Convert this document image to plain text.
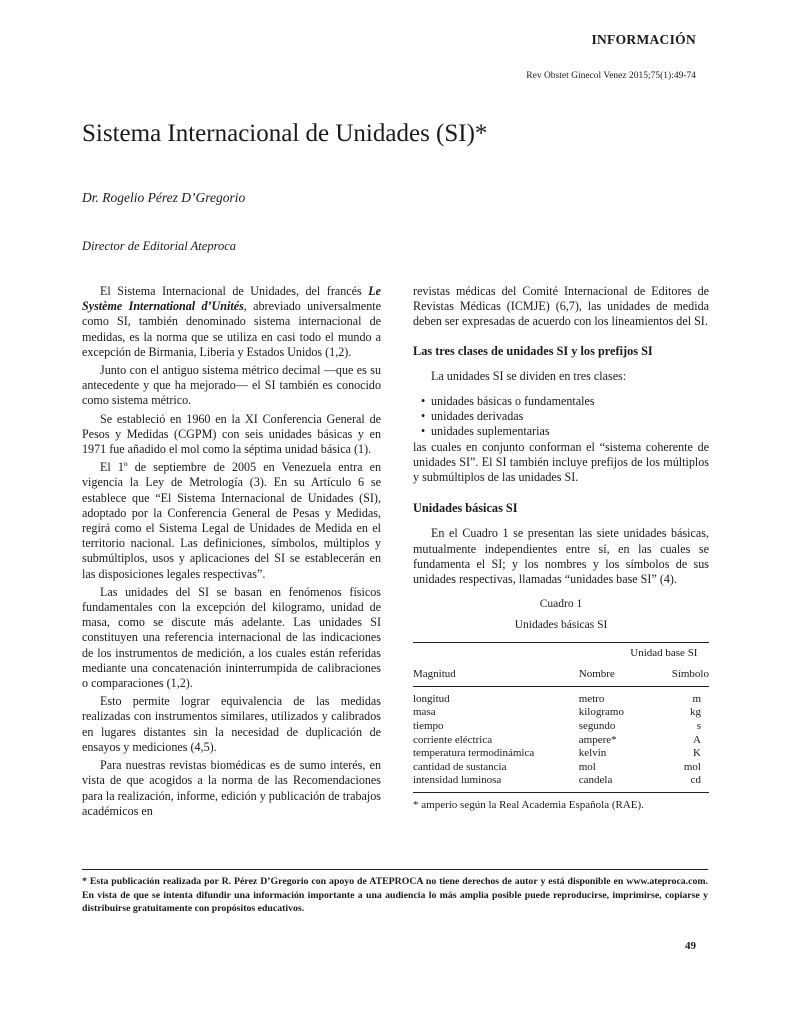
INFORMACIÓN
Rev Obstet Ginecol Venez 2015;75(1):49-74
Sistema Internacional de Unidades (SI)*
Dr. Rogelio Pérez D’Gregorio
Director de Editorial Ateproca

El Sistema Internacional de Unidades, del francés Le Système International d’Unités, abreviado universalmente como SI, también denominado sistema internacional de medidas, es la norma que se utiliza en casi todo el mundo a excepción de Birmania, Liberia y Estados Unidos (1,2).

Junto con el antiguo sistema métrico decimal —que es su antecedente y que ha mejorado— el SI también es conocido como sistema métrico.

Se estableció en 1960 en la XI Conferencia General de Pesos y Medidas (CGPM) con seis unidades básicas y en 1971 fue añadido el mol como la séptima unidad básica (1).

El 1º de septiembre de 2005 en Venezuela entra en vigencia la Ley de Metrología (3). En su Artículo 6 se establece que “El Sistema Internacional de Unidades (SI), adoptado por la Conferencia General de Pesas y Medidas, regirá como el Sistema Legal de Unidades de Medida en el territorio nacional. Las definiciones, símbolos, múltiplos y submúltiplos, usos y aplicaciones del SI se establecerán en las disposiciones legales respectivas”.

Las unidades del SI se basan en fenómenos físicos fundamentales con la excepción del kilogramo, unidad de masa, como se discute más adelante. Las unidades SI constituyen una referencia internacional de las indicaciones de los instrumentos de medición, a los cuales están referidas mediante una concatenación ininterrumpida de calibraciones o comparaciones (1,2).

Esto permite lograr equivalencia de las medidas realizadas con instrumentos similares, utilizados y calibrados en lugares distantes sin la necesidad de duplicación de ensayos y mediciones (4,5).

Para nuestras revistas biomédicas es de sumo interés, en vista de que acogidos a la norma de las Recomendaciones para la realización, informe, edición y publicación de trabajos académicos en

revistas médicas del Comité Internacional de Editores de Revistas Médicas (ICMJE) (6,7), las unidades de medida deben ser expresadas de acuerdo con los lineamientos del SI.

Las tres clases de unidades SI y los prefijos SI

La unidades SI se dividen en tres clases:

• unidades básicas o fundamentales
• unidades derivadas
• unidades suplementarias

las cuales en conjunto conforman el “sistema coherente de unidades SI”. El SI también incluye prefijos de los múltiplos y submúltiplos de las unidades SI.

Unidades básicas SI

En el Cuadro 1 se presentan las siete unidades básicas, mutualmente independientes entre sí, en las cuales se fundamenta el SI; y los nombres y los símbolos de sus unidades respectivas, llamadas “unidades base SI” (4).

Cuadro 1
Unidades básicas SI
	Unidad base SI	
Magnitud	Nombre	Símbolo

longitud	metro	m
masa	kilogramo	kg
tiempo	segundo	s
corriente eléctrica	ampere*	A
temperatura termodinámica	kelvin	K
cantidad de sustancia	mol	mol
intensidad luminosa	candela	cd
* amperio según la Real Academia Española (RAE).
* Esta publicación realizada por R. Pérez D’Gregorio con apoyo de ATEPROCA no tiene derechos de autor y está disponible en www.ateproca.com. En vista de que se intenta difundir una información importante a una audiencia lo más amplia posible puede reproducirse, imprimirse, copiarse y distribuirse gratuitamente con propósitos educativos.
49
